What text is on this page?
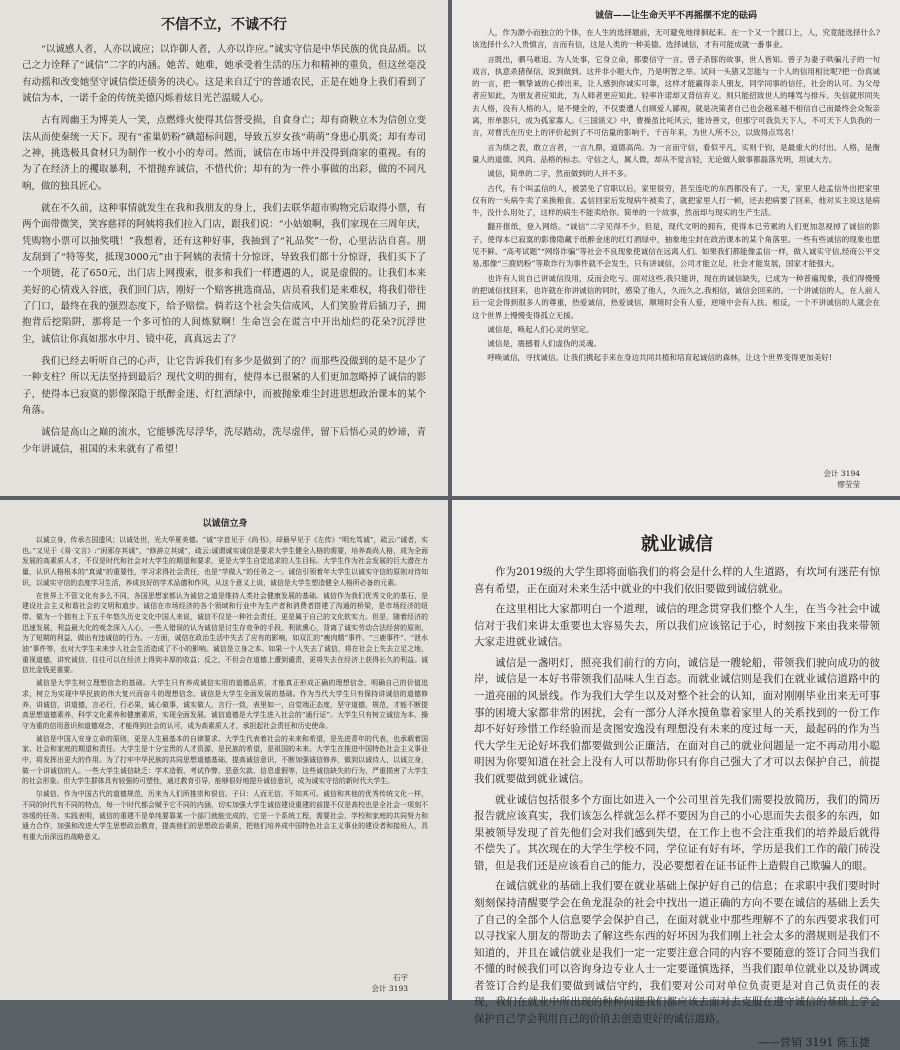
不信不立，不诚不行

“以诚感人者，人亦以诚应；以诈御人者，人亦以诈应。”诚实守信是中华民族的优良品质。以己之力诠释了“诚信”二字的内涵。她苦、她难，她承受着生活的压力和精神的重负，但这丝毫没有动摇和改变她坚守诚信偿还债务的决心。这是来自辽宁的普通农民，正是在她身上我们看到了诚信为本，一诺千金的传统美德闪烁着炫目光芒温暖人心。

古有周幽王为博美人一笑，点燃烽火使得其信誉受损，自食身亡；却有商鞅立木为信创立变法从而使秦统一天下。现有“雀巢奶粉”碘超标问题，导致五岁女孩“萌萌”身患心肌炎；却有寿司之神，挑选极具食材只为制作一枚小小的寿司。然而，诚信在市场中并没得到商家的重视。有的为了在经济上的攫取暴利，不惜抛弃诚信，不惜代价；却有的为一件小事做的出彩，做的不同凡响，做的独具匠心。

就在不久前，这种事情就发生在我和我朋友的身上，我们去联华超市购物完后取得小票，有两个面带微笑，笑容慈祥的阿姨将我们拉入门店，跟我们说：“小姑娘啊，我们家现在三周年庆，凭购物小票可以抽奖哦！”我想着，还有这种好事，我抽到了“礼品奖”一份，心里沾沾自喜。朋友刮到了“特等奖，抵现3000元”由于阿姨的表情十分惊讶，导致我们都十分惊讶，我们买下了一个项链，花了650元，出门店上网搜索，很多和我们一样遭遇的人，说是虚假的。让我们本来美好的心情戏入谷底，我们回门店，刚好一个赔客挑选商品，店员看我们是来难权，将我们带往了门口，最终在我的强烈态度下，给予赔偿。倘若这个社会失信成风，人们笑脸背后插刀子，拥抱背后挖陷阱，那将是一个多可怕的人间炼狱啊！生命岂会在谎言中开出灿烂的花朵?沉浮世尘，诚信让你真如那水中月、镜中花，真真远去了？

我们已经去听听自己的心声，让它告诉我们有多少是做到了的？而那些没做到的是不是少了一种支柱？所以无法坚持到最后？现代文明的拥有，使得本已很紧的人们更加忽略掉了诚信的影子，使得本已寂寞的影像深隐于纸醉金迷、灯红酒绿中，而被抛象难尘封进思想政治课本的某个角落。

诚信是高山之巅的流水，它能够洗尽浮华，洗尽踏动，洗尽虚伴，留下后悟心灵的妙谛，青少年讲诚信，祖国的未来就有了希望！

诚信——让生命天平不再摇摆不定的砝码

人，作为渺小而独立的个体，在人生的选择题前，无可避免地徘徊起来。在一个又一个渡口上，人，究竟能选择什么?该选择什么?人贵慎言，言而有信，这是人类的一种美德。选择诚信，才有可能成就一番事业。

言既出，驷马难追。为人处事，它身立命，都要信守一言。曾子杀豚的故事，世人皆知。曾子为妻子哄骗儿子的一句戏言，执意杀猪保信，说到做到。这并非小题大作，乃是明智之举。试问一头猪又怎能与一个人的信用相比呢?把一份真诚的一言，把一颗挚诚的心捧出来，让人感到你诚实可靠，这样才能赢得亲人朋友，同学同事的信任，社会的认可。为父母者应知此，为朋友者应知此，为人师者更应知此。轻率许诺却又背信弃义。则只能招致世人的唾骂与排斥。失信就形同失去人格，没有人格的人，是不健全的，不仅要遭人自顾爱人鄙视，就是决策者自己也会越来越不相信自己而最终会众叛亲离，形单影只，成为孤家寡人。《三国演义》中，曹操虽比吒风云，能诗善文，但那宁可我负天下人，不可天下人负我的一言，对曹氏在历史上的评价起到了不可估量的影响千。千百年来，为世人所不公，以致得点骂名！

言为绩之表，敢立言者，一言九鼎，道德高尚。为一言而守信，看似平凡，实则千钧，是最重大的付出。人格，是衡量人的道德、风尚、品格的标志。守信之人，属人微，却从不觉言轻，无论做人做事都磊落光明，坦诚大方。

诚信，简单的二字，然而做到的人并不多。

古代，有个叫孟信的人，被罢免了官职以后，家里很穷，甚至连吃的东西都没有了。一天，家里人趁孟信外出把家里仅有的一头病牛卖了来换粮食。孟信回家后发现病牛被卖了，就把家里人打一顿，还去把病要了回来，他对买主说这是病牛，没什么用处了，这样的病生不能卖给你。简单的一个故事，然而却与现实的生产生活。

翻开报纸，登入网络。“诚信”二字见得不少，但是，现代文明的拥有，使得本已劳累的人们更加忽视掉了诚信的影子，使得本已寂寞的影像隐藏于纸醉金迷的红灯酒绿中，抽象地尘封在政治课本的某个角落里。一些有些诚信的现象也愿见不鲜。“高考试题”“网络诈骗”等社会不良现象使诚信在远离人们。如果我们都能像孟信一样，做人诚实守信,经商公平交易,那像“三鹿奶粉”等欺诈行为事件就不会发生，只有讲诚信，公司才能立足，社会才能发展，国家才能强大。

也许有人说自己讲诚信没用，反而会吃亏。面对这些,我只能讲，现在的诚信缺失，已成为一种普遍现象，我们得慢慢的把诚信找回来，也许就在你讲诚信的同时，感染了他人，久而久之,我相信，诚信会回来的。一个讲诚信的人，在人前人后一定会得到很多人的尊重，热爱诚信，热爱诚信，顺境时会有人爱，逆境中会有人扶。相反，一个不讲诚信的人就会在这个世界上慢慢变得孤立无援。

诚信是，唤起人们心灵的坚定。

诚信是，震撼着人们虚伪的灵魂。

呼唤诚信，寻找诚信。让我们携起手来在身边共同共植和培育起诚信的森林，让这个世界变得更加美好!

会计 3194
缪莹莹
以诚信立身

以诚立身，传承古国遗风；以诚处世，光大华夏美德。“诚”字首见于《尚书》，却最早见于《左传》“明允笃诚”，疏云:“诚者，实也。”又见于《易·文言》:“闲邪存其诚”，“修辞立其诚”，疏云:诚谓诚实诚信是要求大学生健全人格的需要，培养高尚人格，成为全面发展的高素质人才，不仅是时代和社会对大学生的期望和要求，更是大学生自觉追求的人生目标。大学生作为社会发展的巨大潜在力量，认识人格根本的“真诚”的重要性，学习求得社会责任，也是“学做人”的任务之一。诚信引领着年大学生以诚实守信的原则对待知识，以诚实守信的态度学习生活，养成良好的学术品德和作风，从这个意义上说，诚信是大学生塑造健全人格所必备的元素。

在世界上不管文化有多么不同，各国思想家都认为诚信之道是维持人类社会健康发展的基础。诚信作为我们优秀文化的基石，是建设社会主义和谐社会的文明和道步。诚信在市场经济的各个领域和行业中为生产者和消费者搭建了沟通的桥梁，是市场经济的纽带。做为一个拥有上下五千年悠久历史文化中国人来说，诚信不仅是一种社会责任，更是属于自己的文化软实力。但是，随着经济的迅速发展，利益最大化的观念深入人心，一些人错误的认为诚信是讨生存竞争的手段。利欲熏心，背离了诚实劳动合法经营的原则，为了短期的利益，做出有违诚信的行为。一方面，诚信在政治生活中失去了应有的影响，如双汇的“瘦肉精”事件、“三鹿事件”、“泄水油”事件等，也对大学生未来步入社会生活造成了不小的影响。诚信是立身之本。如果一个人失去了诚信，将在社会上失去立足之地，重视道德，讲究诚信，往往可以在经济上得到丰厚的收益；反之，不但会在道德上遭到谴责，更将失去在经济上获得长久的利益。诚信比金钱更重要。

诚信是大学生树立理想信念的基础。大学生只有养成诚信实用的道德品质，才能真正形成正确的理想信念，明确自己的价值追求，树立为实现中华民族的伟大复兴而奋斗的理想信念。诚信是大学生全面发展的基础。作为当代大学生只有保持讲诚信的道德修养，讲诚信，讲道德，言必行，行必果，诚心做事，诚实做人，言行一致，表里如一，自觉端正态度，坚守道德，规范，才能不断提高思想道德素养，科学文化素养和健康素质，实现全面发展。诚信道德是大学生进入社会的“通行证”。大学生只有树立诚信为本、操守为重的信用意识和道德观念，才能得到社会的认可，成为高素质人才，承担起社会责任和历史使命。

诚信是中国人安身立命的原则，更是人生最基本的自律要求。大学生代表着社会的未来和希望，是先进青年的代表，也承载着国家、社会和家庭的期望和责任。大学生是十分宝贵的人才资源，是民族的希望，是祖国的未来。大学生在推进中国特色社会主义事业中，将发挥出更大的作用。为了打牢中华民族的共同思想道德基础，提高诚信意识，不断加强诚信修养，做到以诚待人，以诚立身，做一个讲诚信的人。一些大学生诚信缺乏：学术造假、考试作弊、恶意欠款、信息虚假等，这些诚信缺失的行为，严重损害了大学生的社会形象。但大学生群体具有较强的可塑性，通过教育引导，能够很好地提升诚信意识，成为诚实守信的新时代大学生。

尔诚信，作为中国古代的道德规范，历来为人们所推崇和很信。子曰：人而无信，不知其可。诚信和其他的优秀传统文化一样，不同的时代有不同的特点，每一个时代都会赋予它不同的内涵，切实加强大学生诚信建设重建的前提不仅是高校也是全社会一项刻不容缓的任务。实践表明，诚信的重建不是单纯要靠某一个部门就能完成的，它是一个系统工程，需要社会、学校和家庭的共同努力和通力合作，加强和改进大学生思想政治教育，提高他们的思想政治素质，把他们培养成中国特色社会主义事业的建设者和接班人，具有重大而深远的战略意义。

石宇
会计 3193
就业诚信

作为2019级的大学生即将面临我们的将会是什么样的人生道路，有坎坷有迷茫有惊喜有希望，正在面对未来生活中就业的中我们依旧要做到诚信就业。

在这里相比大家都明白一个道理，诚信的理念贯穿我们整个人生，在当今社会中诚信对于我们来讲太重要也太容易失去，所以我们应该铭记于心，时刻按下来由我来带领大家走进就业诚信。

诚信是一盏明灯，照亮我们前行的方向，诚信是一艘轮船，带领我们驶向成功的彼岸，诚信是一本好书带领我们品味人生百态。而就业诚信则是我们在就业诚信道路中的一道亮丽的风景线。作为我们大学生以及对整个社会的认知，面对刚刚毕业出来无可事事的困境大家都非常的困扰，会有一部分人泽水摸鱼靠着家里人的关系找到的一份工作却不好好珍惜工作经验而是贪图安逸没有理想没有未来的度过每一天，最起码的作为当代大学生无论好坏我们都要做到公正廉洁，在面对自己的就业问题是一定不再动用小聪明因为你要知道在社会上没有人可以帮助你只有你自己强大了才可以去保护自己，前提我们就要做到就业诚信。

就业诚信包括很多个方面比如进入一个公司里首先我们需要投放简历，我们的简历报告就应该真实，我们该怎么样就怎么样不要因为自己的小心思而失去很多的东西，如果被领导发现了首先他们会对我们感到失望，在工作上也不会注重我们的培养最后就得不偿失了。其次现在的大学生学校不同，学位证有好有坏，学历是我们工作的敲门砖没错，但是我们还是应该看自己的能力，没必要想着在证书证件上造假自己欺骗人的眼。

在诚信就业的基础上我们要在就业基础上保护好自己的信息；在求职中我们要时时刻刻保持清醒要学会在鱼龙混杂的社会中找出一道正确的方向不要在诚信的基础上丢失了自己的全部个人信息要学会保护自己，在面对就业中那些理解不了的东西要求我们可以寻找家人朋友的帮助去了解这些东西的好坏因为我们刚上社会太多的潜规则是我们不知道的，并且在诚信就业是我们一定一定要注意合同的内容不要随意的签订合同当我们不懂的时候我们可以咨询身边专业人士一定要谨慎选择，当我们跟单位就业以及协调或者签订合约是我们要做到诚信守约，我们要对公司对单位负责更是对自己负责任的表现，我们在就业中所出现的种种问题我们都应该去面对去克服在遵守诚信的基础上学会保护自己学会利用自己的价值去创造更好的诚信道路。

——营销 3191 陈玉捷
